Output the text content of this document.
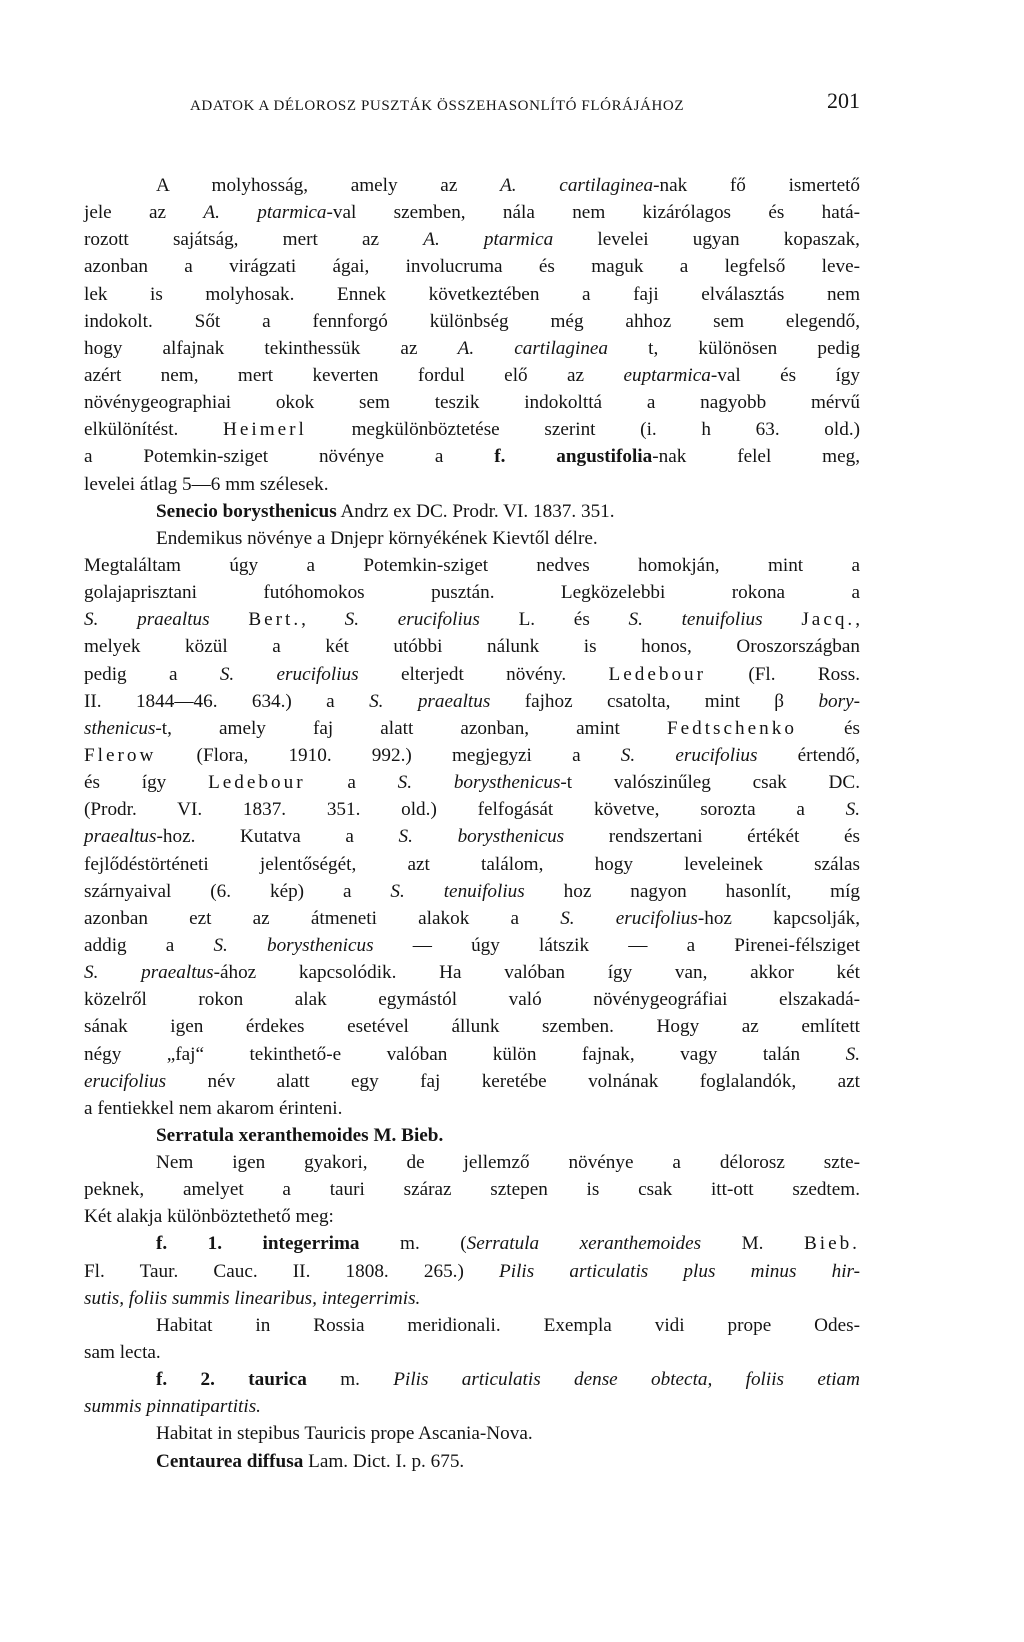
ADATOK A DÉLOROSZ PUSZTÁK ÖSSZEHASONLÍTÓ FLÓRÁJÁHOZ	201
A molyhosság, amely az A. cartilaginea-nak fő ismertető
jele az A. ptarmica-val szemben, nála nem kizárólagos és hatá-
rozott sajátság, mert az A. ptarmica levelei ugyan kopaszak,
azonban a virágzati ágai, involucruma és maguk a legfelső leve-
lek is molyhosak. Ennek következtében a faji elválasztás nem
indokolt. Sőt a fennforgó különbség még ahhoz sem elegendő,
hogy alfajnak tekinthessük az A. cartilaginea t, különösen pedig
azért nem, mert keverten fordul elő az euptarmica-val és így
növénygeographiai okok sem teszik indokolttá a nagyobb mérvű
elkülönítést. Heimerl megkülönböztetése szerint (i. h 63. old.)
a Potemkin-sziget növénye a f. angustifolia-nak felel meg,
levelei átlag 5—6 mm szélesek.
Senecio borysthenicus Andrz ex DC. Prodr. VI. 1837. 351.
Endemikus növénye a Dnjepr környékének Kievtől délre.
Megtaláltam úgy a Potemkin-sziget nedves homokján, mint a
golajaprisztani futóhomokos pusztán. Legközelebbi rokona a
S. praealtus Bert., S. erucifolius L. és S. tenuifolius Jacq.,
melyek közül a két utóbbi nálunk is honos, Oroszországban
pedig a S. erucifolius elterjedt növény. Ledebour (Fl. Ross.
II. 1844—46. 634.) a S. praealtus fajhoz csatolta, mint β bory-
sthenicus-t, amely faj alatt azonban, amint Fedtschenko és
Flerow (Flora, 1910. 992.) megjegyzi a S. erucifolius értendő,
és így Ledebour a S. borysthenicus-t valószinűleg csak DC.
(Prodr. VI. 1837. 351. old.) felfogását követve, sorozta a S.
praealtus-hoz. Kutatva a S. borysthenicus rendszertani értékét és
fejlődéstörténeti jelentőségét, azt találom, hogy leveleinek szálas
szárnyaival (6. kép) a S. tenuifolius hoz nagyon hasonlít, míg
azonban ezt az átmeneti alakok a S. erucifolius-hoz kapcsolják,
addig a S. borysthenicus — úgy látszik — a Pirenei-félsziget
S. praealtus-ához kapcsolódik. Ha valóban így van, akkor két
közelről rokon alak egymástól való növénygeográfiai elszakadá-
sának igen érdekes esetével állunk szemben. Hogy az említett
négy „faj“ tekinthető-e valóban külön fajnak, vagy talán S.
erucifolius név alatt egy faj keretébe volnának foglalandók, azt
a fentiekkel nem akarom érinteni.
Serratula xeranthemoides M. Bieb.
Nem igen gyakori, de jellemző növénye a délorosz szte-
peknek, amelyet a tauri száraz sztepen is csak itt-ott szedtem.
Két alakja különböztethető meg:
f. 1. integerrima m. (Serratula xeranthemoides M. Bieb.
Fl. Taur. Cauc. II. 1808. 265.) Pilis articulatis plus minus hir-
sutis, foliis summis linearibus, integerrimis.
Habitat in Rossia meridionali. Exempla vidi prope Odes-
sam lecta.
f. 2. taurica m. Pilis articulatis dense obtecta, foliis etiam
summis pinnatipartitis.
Habitat in stepibus Tauricis prope Ascania-Nova.
Centaurea diffusa Lam. Dict. I. p. 675.
